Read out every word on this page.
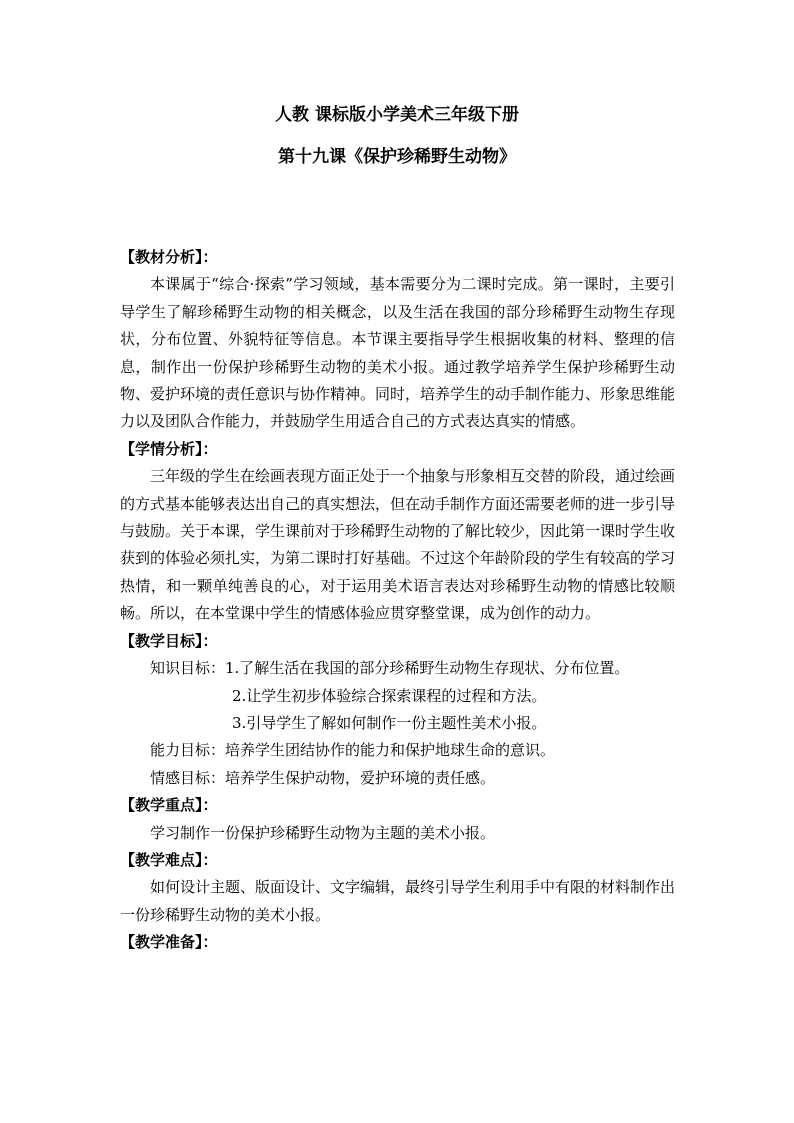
人教 课标版小学美术三年级下册
第十九课《保护珍稀野生动物》
【教材分析】：

本课属于“综合·探索”学习领域，基本需要分为二课时完成。第一课时，主要引导学生了解珍稀野生动物的相关概念，以及生活在我国的部分珍稀野生动物生存现状，分布位置、外貌特征等信息。本节课主要指导学生根据收集的材料、整理的信息，制作出一份保护珍稀野生动物的美术小报。通过教学培养学生保护珍稀野生动物、爱护环境的责任意识与协作精神。同时，培养学生的动手制作能力、形象思维能力以及团队合作能力，并鼓励学生用适合自己的方式表达真实的情感。

【学情分析】：

三年级的学生在绘画表现方面正处于一个抽象与形象相互交替的阶段，通过绘画的方式基本能够表达出自己的真实想法，但在动手制作方面还需要老师的进一步引导与鼓励。关于本课，学生课前对于珍稀野生动物的了解比较少，因此第一课时学生收获到的体验必须扎实，为第二课时打好基础。不过这个年龄阶段的学生有较高的学习热情，和一颗单纯善良的心，对于运用美术语言表达对珍稀野生动物的情感比较顺畅。所以，在本堂课中学生的情感体验应贯穿整堂课，成为创作的动力。

【教学目标】：

知识目标：1.了解生活在我国的部分珍稀野生动物生存现状、分布位置。

2.让学生初步体验综合探索课程的过程和方法。

3.引导学生了解如何制作一份主题性美术小报。

能力目标：培养学生团结协作的能力和保护地球生命的意识。

情感目标：培养学生保护动物，爱护环境的责任感。

【教学重点】：

学习制作一份保护珍稀野生动物为主题的美术小报。

【教学难点】：

如何设计主题、版面设计、文字编辑，最终引导学生利用手中有限的材料制作出一份珍稀野生动物的美术小报。

【教学准备】：
